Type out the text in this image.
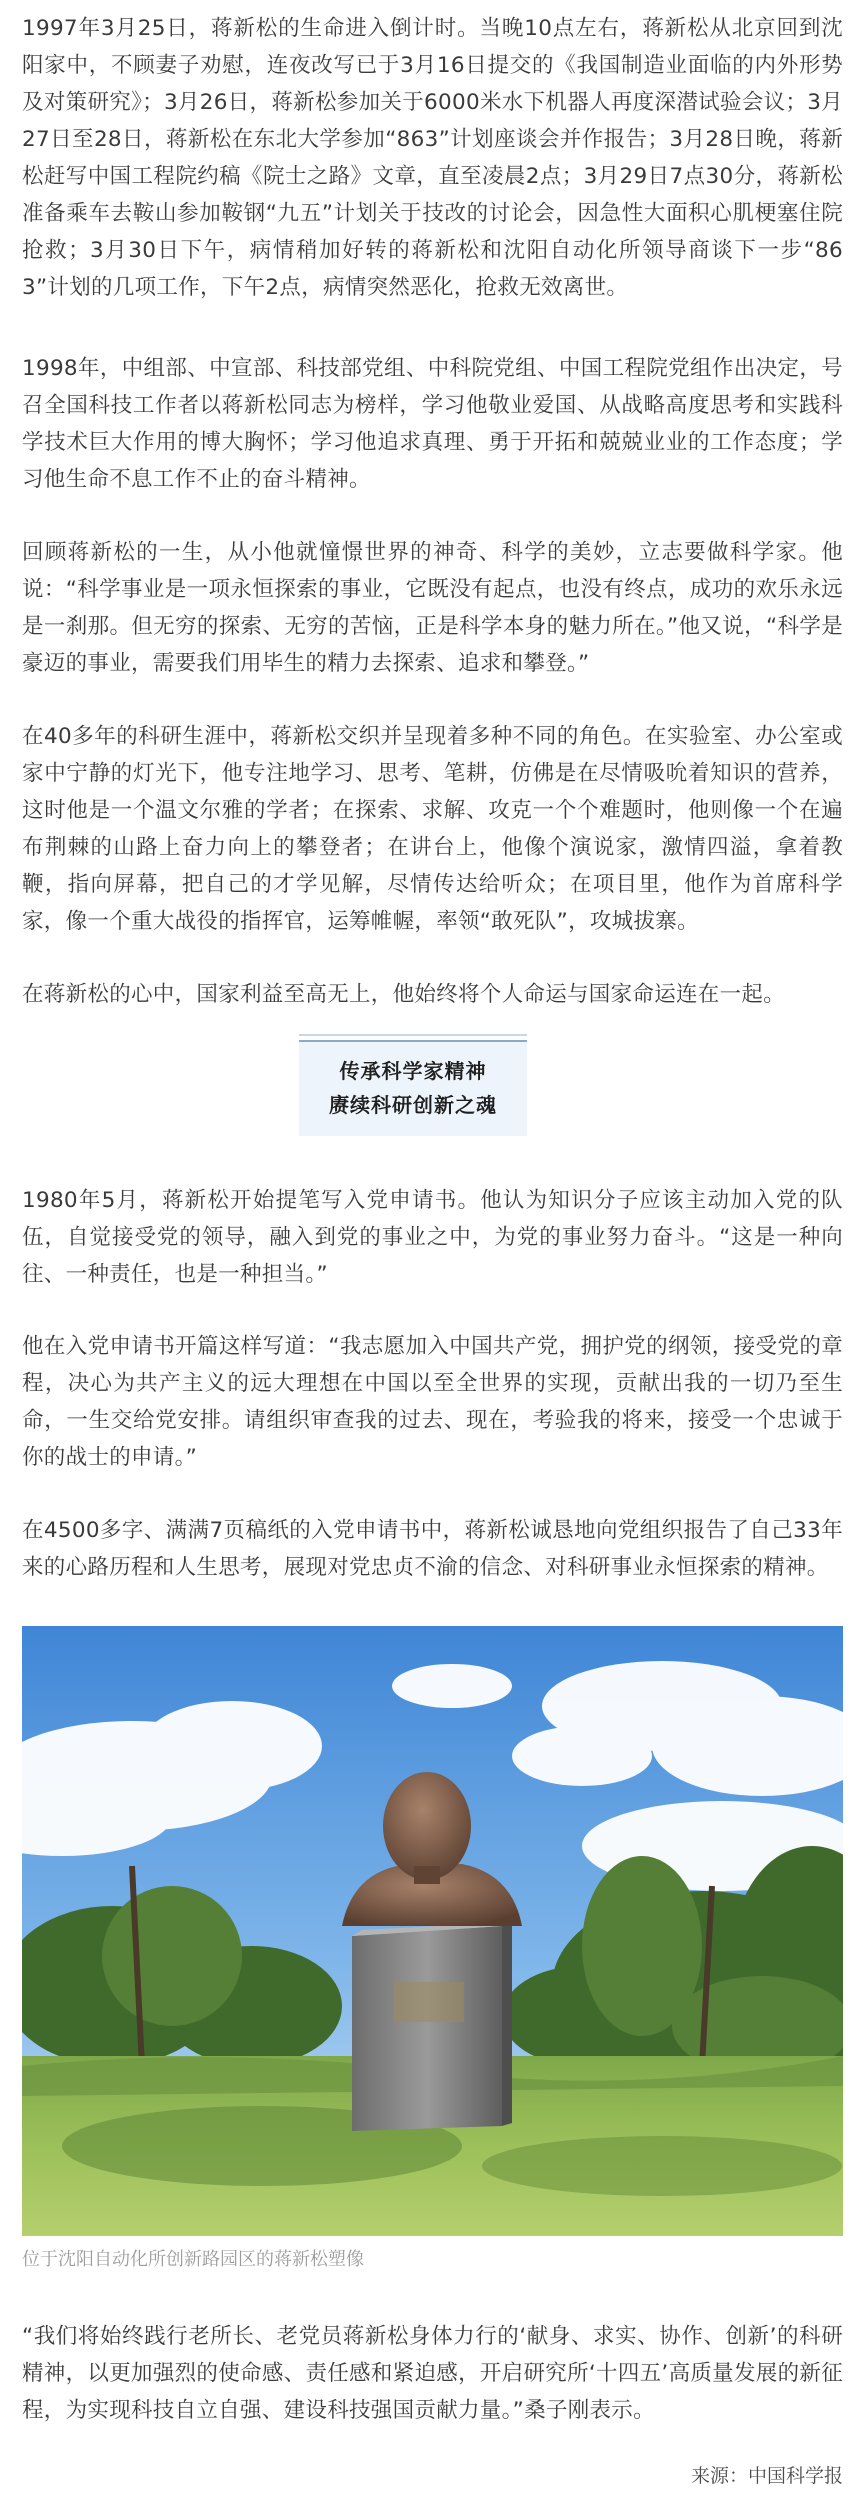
1997年3月25日，蒋新松的生命进入倒计时。当晚10点左右，蒋新松从北京回到沈阳家中，不顾妻子劝慰，连夜改写已于3月16日提交的《我国制造业面临的内外形势及对策研究》；3月26日，蒋新松参加关于6000米水下机器人再度深潜试验会议；3月27日至28日，蒋新松在东北大学参加“863”计划座谈会并作报告；3月28日晚，蒋新松赶写中国工程院约稿《院士之路》文章，直至凌晨2点；3月29日7点30分，蒋新松准备乘车去鞍山参加鞍钢“九五”计划关于技改的讨论会，因急性大面积心肌梗塞住院抢救；3月30日下午，病情稍加好转的蒋新松和沈阳自动化所领导商谈下一步“863”计划的几项工作，下午2点，病情突然恶化，抢救无效离世。

1998年，中组部、中宣部、科技部党组、中科院党组、中国工程院党组作出决定，号召全国科技工作者以蒋新松同志为榜样，学习他敬业爱国、从战略高度思考和实践科学技术巨大作用的博大胸怀；学习他追求真理、勇于开拓和兢兢业业的工作态度；学习他生命不息工作不止的奋斗精神。

回顾蒋新松的一生，从小他就憧憬世界的神奇、科学的美妙，立志要做科学家。他说：“科学事业是一项永恒探索的事业，它既没有起点，也没有终点，成功的欢乐永远是一刹那。但无穷的探索、无穷的苦恼，正是科学本身的魅力所在。”他又说，“科学是豪迈的事业，需要我们用毕生的精力去探索、追求和攀登。”

在40多年的科研生涯中，蒋新松交织并呈现着多种不同的角色。在实验室、办公室或家中宁静的灯光下，他专注地学习、思考、笔耕，仿佛是在尽情吸吮着知识的营养，这时他是一个温文尔雅的学者；在探索、求解、攻克一个个难题时，他则像一个在遍布荆棘的山路上奋力向上的攀登者；在讲台上，他像个演说家，激情四溢，拿着教鞭，指向屏幕，把自己的才学见解，尽情传达给听众；在项目里，他作为首席科学家，像一个重大战役的指挥官，运筹帷幄，率领“敢死队”，攻城拔寨。

在蒋新松的心中，国家利益至高无上，他始终将个人命运与国家命运连在一起。

1980年5月，蒋新松开始提笔写入党申请书。他认为知识分子应该主动加入党的队伍，自觉接受党的领导，融入到党的事业之中，为党的事业努力奋斗。“这是一种向往、一种责任，也是一种担当。”

他在入党申请书开篇这样写道：“我志愿加入中国共产党，拥护党的纲领，接受党的章程，决心为共产主义的远大理想在中国以至全世界的实现，贡献出我的一切乃至生命，一生交给党安排。请组织审查我的过去、现在，考验我的将来，接受一个忠诚于你的战士的申请。”

在4500多字、满满7页稿纸的入党申请书中，蒋新松诚恳地向党组织报告了自己33年来的心路历程和人生思考，展现对党忠贞不渝的信念、对科研事业永恒探索的精神。

传承科学家精神
赓续科研创新之魂
位于沈阳自动化所创新路园区的蒋新松塑像

“我们将始终践行老所长、老党员蒋新松身体力行的‘献身、求实、协作、创新’的科研精神，以更加强烈的使命感、责任感和紧迫感，开启研究所‘十四五’高质量发展的新征程，为实现科技自立自强、建设科技强国贡献力量。”桑子刚表示。

来源：中国科学报
